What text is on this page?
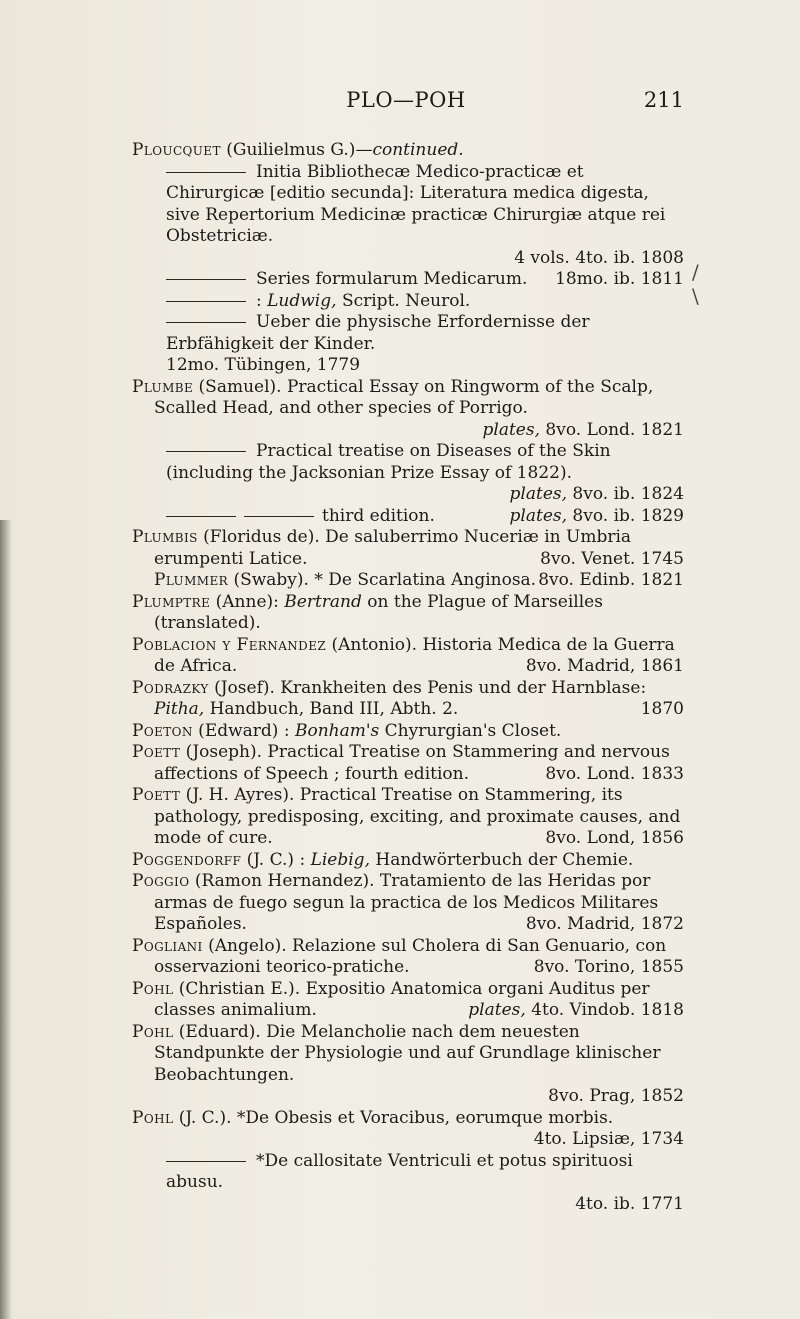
PLO—POH	211
/
\

Ploucquet (Guilielmus G.)—continued.

Initia Bibliothecæ Medico-practicæ et Chirurgicæ [editio secunda]: Literatura medica digesta, sive Repertorium Medicinæ practicæ Chirurgiæ atque rei Obstetriciæ.
4 vols. 4to. ib. 1808

Series formularum Medicarum. 18mo. ib. 1811

: Ludwig, Script. Neurol.

Ueber die physische Erfordernisse der Erbfähigkeit der Kinder.
12mo. Tübingen, 1779

Plumbe (Samuel). Practical Essay on Ringworm of the Scalp, Scalled Head, and other species of Porrigo.
plates, 8vo. Lond. 1821

Practical treatise on Diseases of the Skin (including the Jacksonian Prize Essay of 1822).
plates, 8vo. ib. 1824

third edition.	plates, 8vo. ib. 1829

Plumbis (Floridus de). De saluberrimo Nuceriæ in Umbria erumpenti Latice.	8vo. Venet. 1745

Plummer (Swaby). * De Scarlatina Anginosa. 8vo. Edinb. 1821

Plumptre (Anne): Bertrand on the Plague of Marseilles (translated).

Poblacion y Fernandez (Antonio). Historia Medica de la Guerra de Africa.	8vo. Madrid, 1861

Podrazky (Josef). Krankheiten des Penis und der Harnblase: Pitha, Handbuch, Band III, Abth. 2.	1870

Poeton (Edward) : Bonham's Chyrurgian's Closet.

Poett (Joseph). Practical Treatise on Stammering and nervous affections of Speech ; fourth edition.	8vo. Lond. 1833

Poett (J. H. Ayres). Practical Treatise on Stammering, its pathology, predisposing, exciting, and proximate causes, and mode of cure.	8vo. Lond, 1856

Poggendorff (J. C.) : Liebig, Handwörterbuch der Chemie.

Poggio (Ramon Hernandez). Tratamiento de las Heridas por armas de fuego segun la practica de los Medicos Militares Españoles.	8vo. Madrid, 1872

Pogliani (Angelo). Relazione sul Cholera di San Genuario, con osservazioni teorico-pratiche.	8vo. Torino, 1855

Pohl (Christian E.). Expositio Anatomica organi Auditus per classes animalium.	plates, 4to. Vindob. 1818

Pohl (Eduard). Die Melancholie nach dem neuesten Standpunkte der Physiologie und auf Grundlage klinischer Beobachtungen.
8vo. Prag, 1852

Pohl (J. C.). *De Obesis et Voracibus, eorumque morbis.
4to. Lipsiæ, 1734

*De callositate Ventriculi et potus spirituosi abusu.
4to. ib. 1771
